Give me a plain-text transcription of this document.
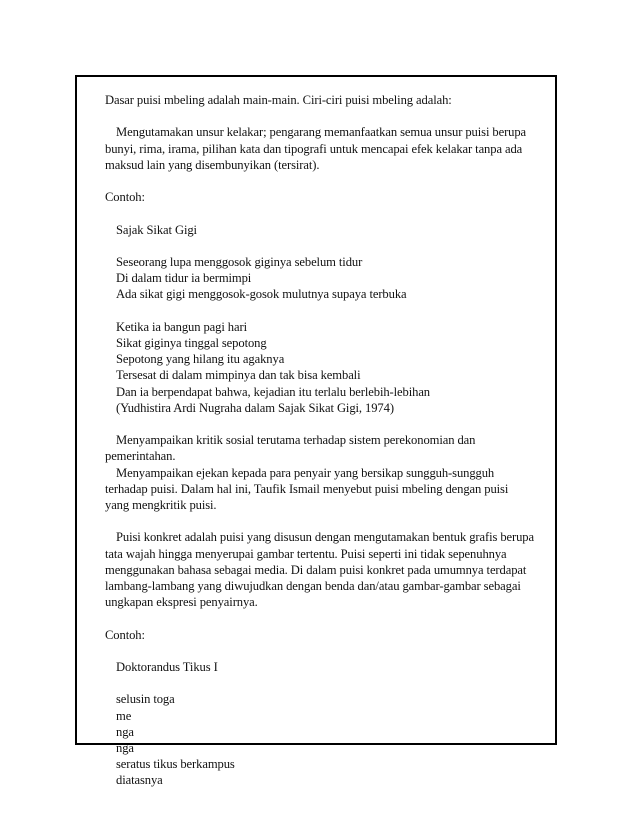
Dasar puisi mbeling adalah main-main. Ciri-ciri puisi mbeling adalah:

Mengutamakan unsur kelakar; pengarang memanfaatkan semua unsur puisi berupa bunyi, rima, irama, pilihan kata dan tipografi untuk mencapai efek kelakar tanpa ada maksud lain yang disembunyikan (tersirat).

Contoh:

Sajak Sikat Gigi
Seseorang lupa menggosok giginya sebelum tidur
Di dalam tidur ia bermimpi
Ada sikat gigi menggosok-gosok mulutnya supaya terbuka
Ketika ia bangun pagi hari
Sikat giginya tinggal sepotong
Sepotong yang hilang itu agaknya
Tersesat di dalam mimpinya dan tak bisa kembali
Dan ia berpendapat bahwa, kejadian itu terlalu berlebih-lebihan
(Yudhistira Ardi Nugraha dalam Sajak Sikat Gigi, 1974)

Menyampaikan kritik sosial terutama terhadap sistem perekonomian dan pemerintahan.

Menyampaikan ejekan kepada para penyair yang bersikap sungguh-sungguh terhadap puisi. Dalam hal ini, Taufik Ismail menyebut puisi mbeling dengan puisi yang mengkritik puisi.

Puisi konkret adalah puisi yang disusun dengan mengutamakan bentuk grafis berupa tata wajah hingga menyerupai gambar tertentu. Puisi seperti ini tidak sepenuhnya menggunakan bahasa sebagai media. Di dalam puisi konkret pada umumnya terdapat lambang-lambang yang diwujudkan dengan benda dan/atau gambar-gambar sebagai ungkapan ekspresi penyairnya.

Contoh:

Doktorandus Tikus I
selusin toga
me
nga
nga
seratus tikus berkampus
diatasnya
